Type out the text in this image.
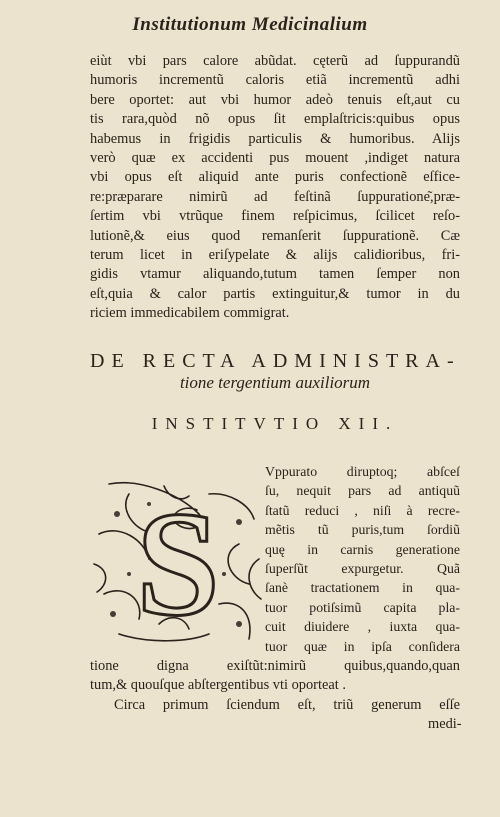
Institutionum Medicinalium
eiùt vbi pars calore abũdat. cęterũ ad ſuppurandũ
humoris incrementũ caloris etiã incrementũ adhi
bere oportet: aut vbi humor adeò tenuis eſt,aut cu
tis rara,quòd nõ opus ſit emplaſtricis:quibus opus
habemus in frigidis particulis & humoribus. Alijs
verò quæ ex accidenti pus mouent ,indiget natura
vbi opus eſt aliquid ante puris confectionẽ eſfice-
re:præparare nimirũ ad feſtinã ſuppuratione͂,præ-
ſertim vbi vtrũque finem reſpicimus, ſcilicet reſo-
lutionẽ,& eius quod remanſerit ſuppurationẽ. Cæ
terum licet in eriſypelate & alijs calidioribus, fri-
gidis vtamur aliquando,tutum tamen ſemper non
eſt,quia & calor partis extinguitur,& tumor in du
riciem immedicabilem commigrat.
DE RECTA ADMINISTRA-
tione tergentium auxiliorum
INSTITVTIO XII.
S
Vppurato diruptoq; abſceſ
ſu, nequit pars ad antiquũ
ſtatũ reduci , niſi à recre-
mẽtis tũ puris,tum ſordiũ
quę in carnis generatione
ſuperſũt expurgetur. Quã
ſanè tractationem in qua-
tuor potiſsimũ capita pla-
cuit diuidere , iuxta qua-
tuor quæ in ipſa conſidera
tione digna exiſtũt:nimirũ quibus,quando,quan
tum,& quouſque abſtergentibus vti oporteat .
Circa primum ſciendum eſt, triũ generum eſſe
medi-
